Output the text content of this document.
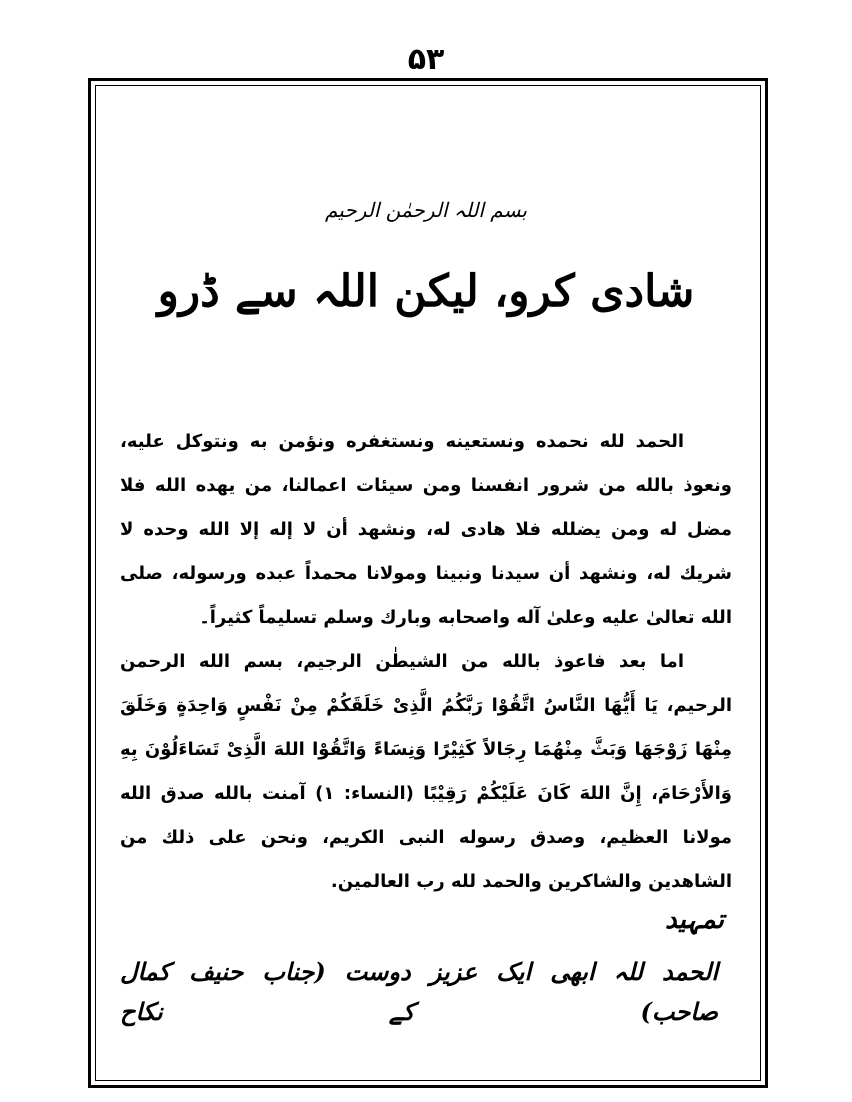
۵۳
بسم اللہ الرحمٰن الرحیم
شادی کرو، لیکن اللہ سے ڈرو

الحمد لله نحمده ونستعينه ونستغفره ونؤمن به ونتوكل عليه، ونعوذ بالله من شرور انفسنا ومن سيئات اعمالنا، من يهده الله فلا مضل له ومن يضلله فلا هادى له، ونشهد أن لا إله إلا الله وحده لا شريك له، ونشهد أن سيدنا ونبينا ومولانا محمداً عبده ورسوله، صلى الله تعالىٰ عليه وعلىٰ آله واصحابه وبارك وسلم تسليماً كثيراً۔

اما بعد فاعوذ بالله من الشيطٰن الرجيم، بسم الله الرحمن الرحيم، يَا أَيُّهَا النَّاسُ اتَّقُوْا رَبَّكُمُ الَّذِىْ خَلَقَكُمْ مِنْ نَفْسٍ وَاحِدَةٍ وَخَلَقَ مِنْهَا زَوْجَهَا وَبَثَّ مِنْهُمَا رِجَالاً كَثِيْرًا وَنِسَاءً وَاتَّقُوْا اللهَ الَّذِىْ تَسَاءَلُوْنَ بِهِ وَالأَرْحَامَ، إِنَّ اللهَ كَانَ عَلَيْكُمْ رَقِيْبًا (النساء: ١) آمنت بالله صدق الله مولانا العظيم، وصدق رسوله النبى الكريم، ونحن على ذلك من الشاهدين والشاكرين والحمد لله رب العالمين.

تمہید
الحمد للہ ابھی ایک عزیز دوست (جناب حنیف کمال صاحب) کے نکاح
